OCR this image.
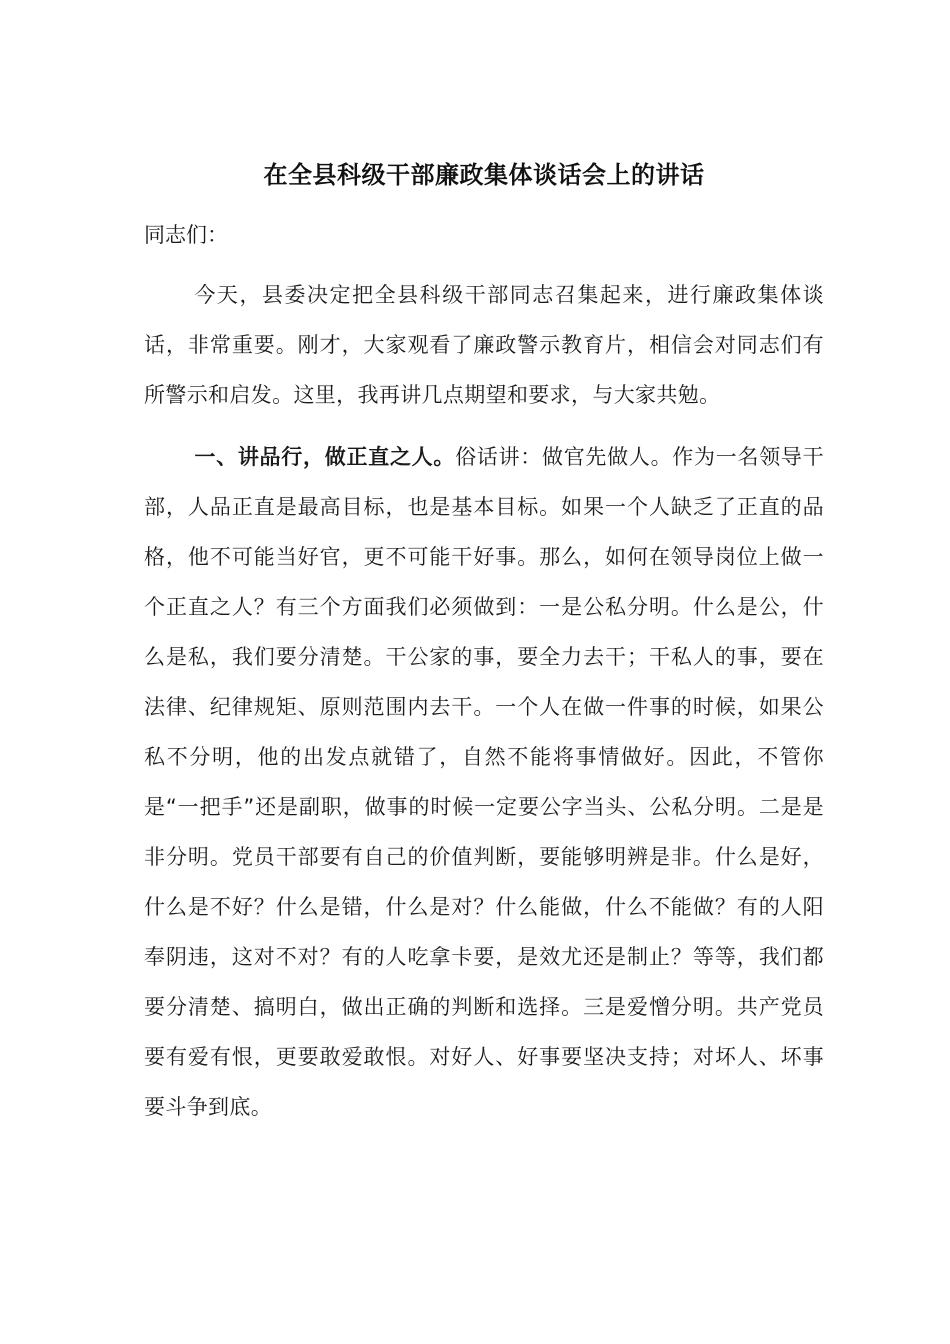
在全县科级干部廉政集体谈话会上的讲话

同志们：

今天，县委决定把全县科级干部同志召集起来，进行廉政集体谈话，非常重要。刚才，大家观看了廉政警示教育片，相信会对同志们有所警示和启发。这里，我再讲几点期望和要求，与大家共勉。

一、讲品行，做正直之人。俗话讲：做官先做人。作为一名领导干部，人品正直是最高目标，也是基本目标。如果一个人缺乏了正直的品格，他不可能当好官，更不可能干好事。那么，如何在领导岗位上做一个正直之人？有三个方面我们必须做到：一是公私分明。什么是公，什么是私，我们要分清楚。干公家的事，要全力去干；干私人的事，要在法律、纪律规矩、原则范围内去干。一个人在做一件事的时候，如果公私不分明，他的出发点就错了，自然不能将事情做好。因此，不管你是“一把手”还是副职，做事的时候一定要公字当头、公私分明。二是是非分明。党员干部要有自己的价值判断，要能够明辨是非。什么是好，什么是不好？什么是错，什么是对？什么能做，什么不能做？有的人阳奉阴违，这对不对？有的人吃拿卡要，是效尤还是制止？等等，我们都要分清楚、搞明白，做出正确的判断和选择。三是爱憎分明。共产党员要有爱有恨，更要敢爱敢恨。对好人、好事要坚决支持；对坏人、坏事要斗争到底。
